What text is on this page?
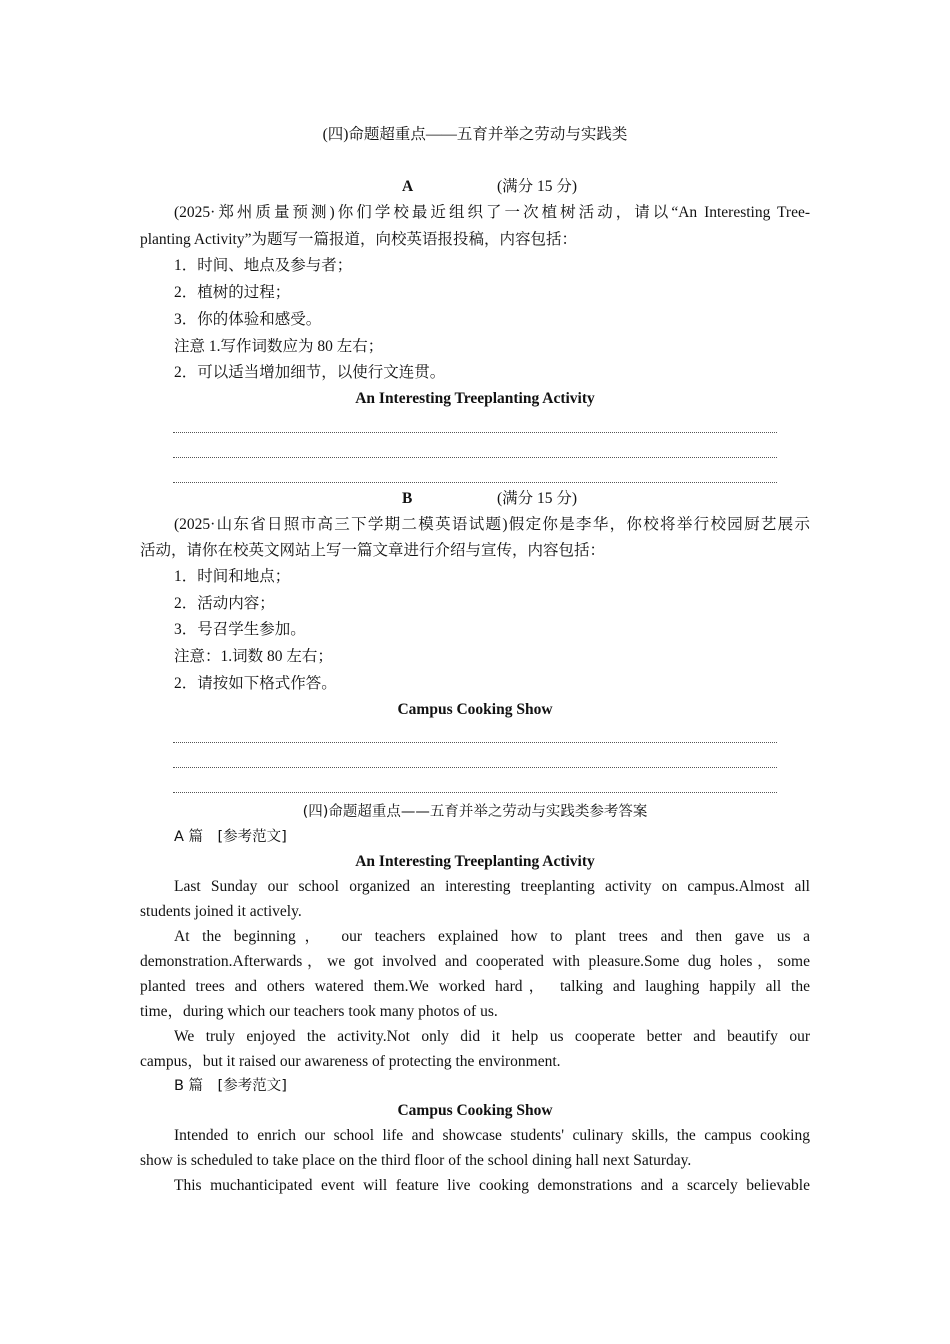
(四)命题超重点——五育并举之劳动与实践类
A	(满分 15 分)
(2025·郑州质量预测)你们学校最近组织了一次植树活动，请以“An Interesting Tree-
planting Activity”为题写一篇报道，向校英语报投稿，内容包括：
1．时间、地点及参与者；
2．植树的过程；
3．你的体验和感受。
注意 1.写作词数应为 80 左右；
2．可以适当增加细节，以使行文连贯。
An Interesting Treeplanting Activity
B	(满分 15 分)
(2025·山东省日照市高三下学期二模英语试题)假定你是李华，你校将举行校园厨艺展示
活动，请你在校英文网站上写一篇文章进行介绍与宣传，内容包括：
1．时间和地点；
2．活动内容；
3．号召学生参加。
注意：1.词数 80 左右；
2．请按如下格式作答。
Campus Cooking Show
(四)命题超重点——五育并举之劳动与实践类参考答案
A 篇　[参考范文]
An Interesting Treeplanting Activity
Last Sunday our school organized an interesting treeplanting activity on campus.Almost all
students joined it actively.
At the beginning， our teachers explained how to plant trees and then gave us a
demonstration.Afterwards，we got involved and cooperated with pleasure.Some dug holes，some
planted trees and others watered them.We worked hard， talking and laughing happily all the
time，during which our teachers took many photos of us.
We truly enjoyed the activity.Not only did it help us cooperate better and beautify our
campus，but it raised our awareness of protecting the environment.
B 篇　[参考范文]
Campus Cooking Show
Intended to enrich our school life and showcase students' culinary skills, the campus cooking
show is scheduled to take place on the third floor of the school dining hall next Saturday.
This muchanticipated event will feature live cooking demonstrations and a scarcely believable
